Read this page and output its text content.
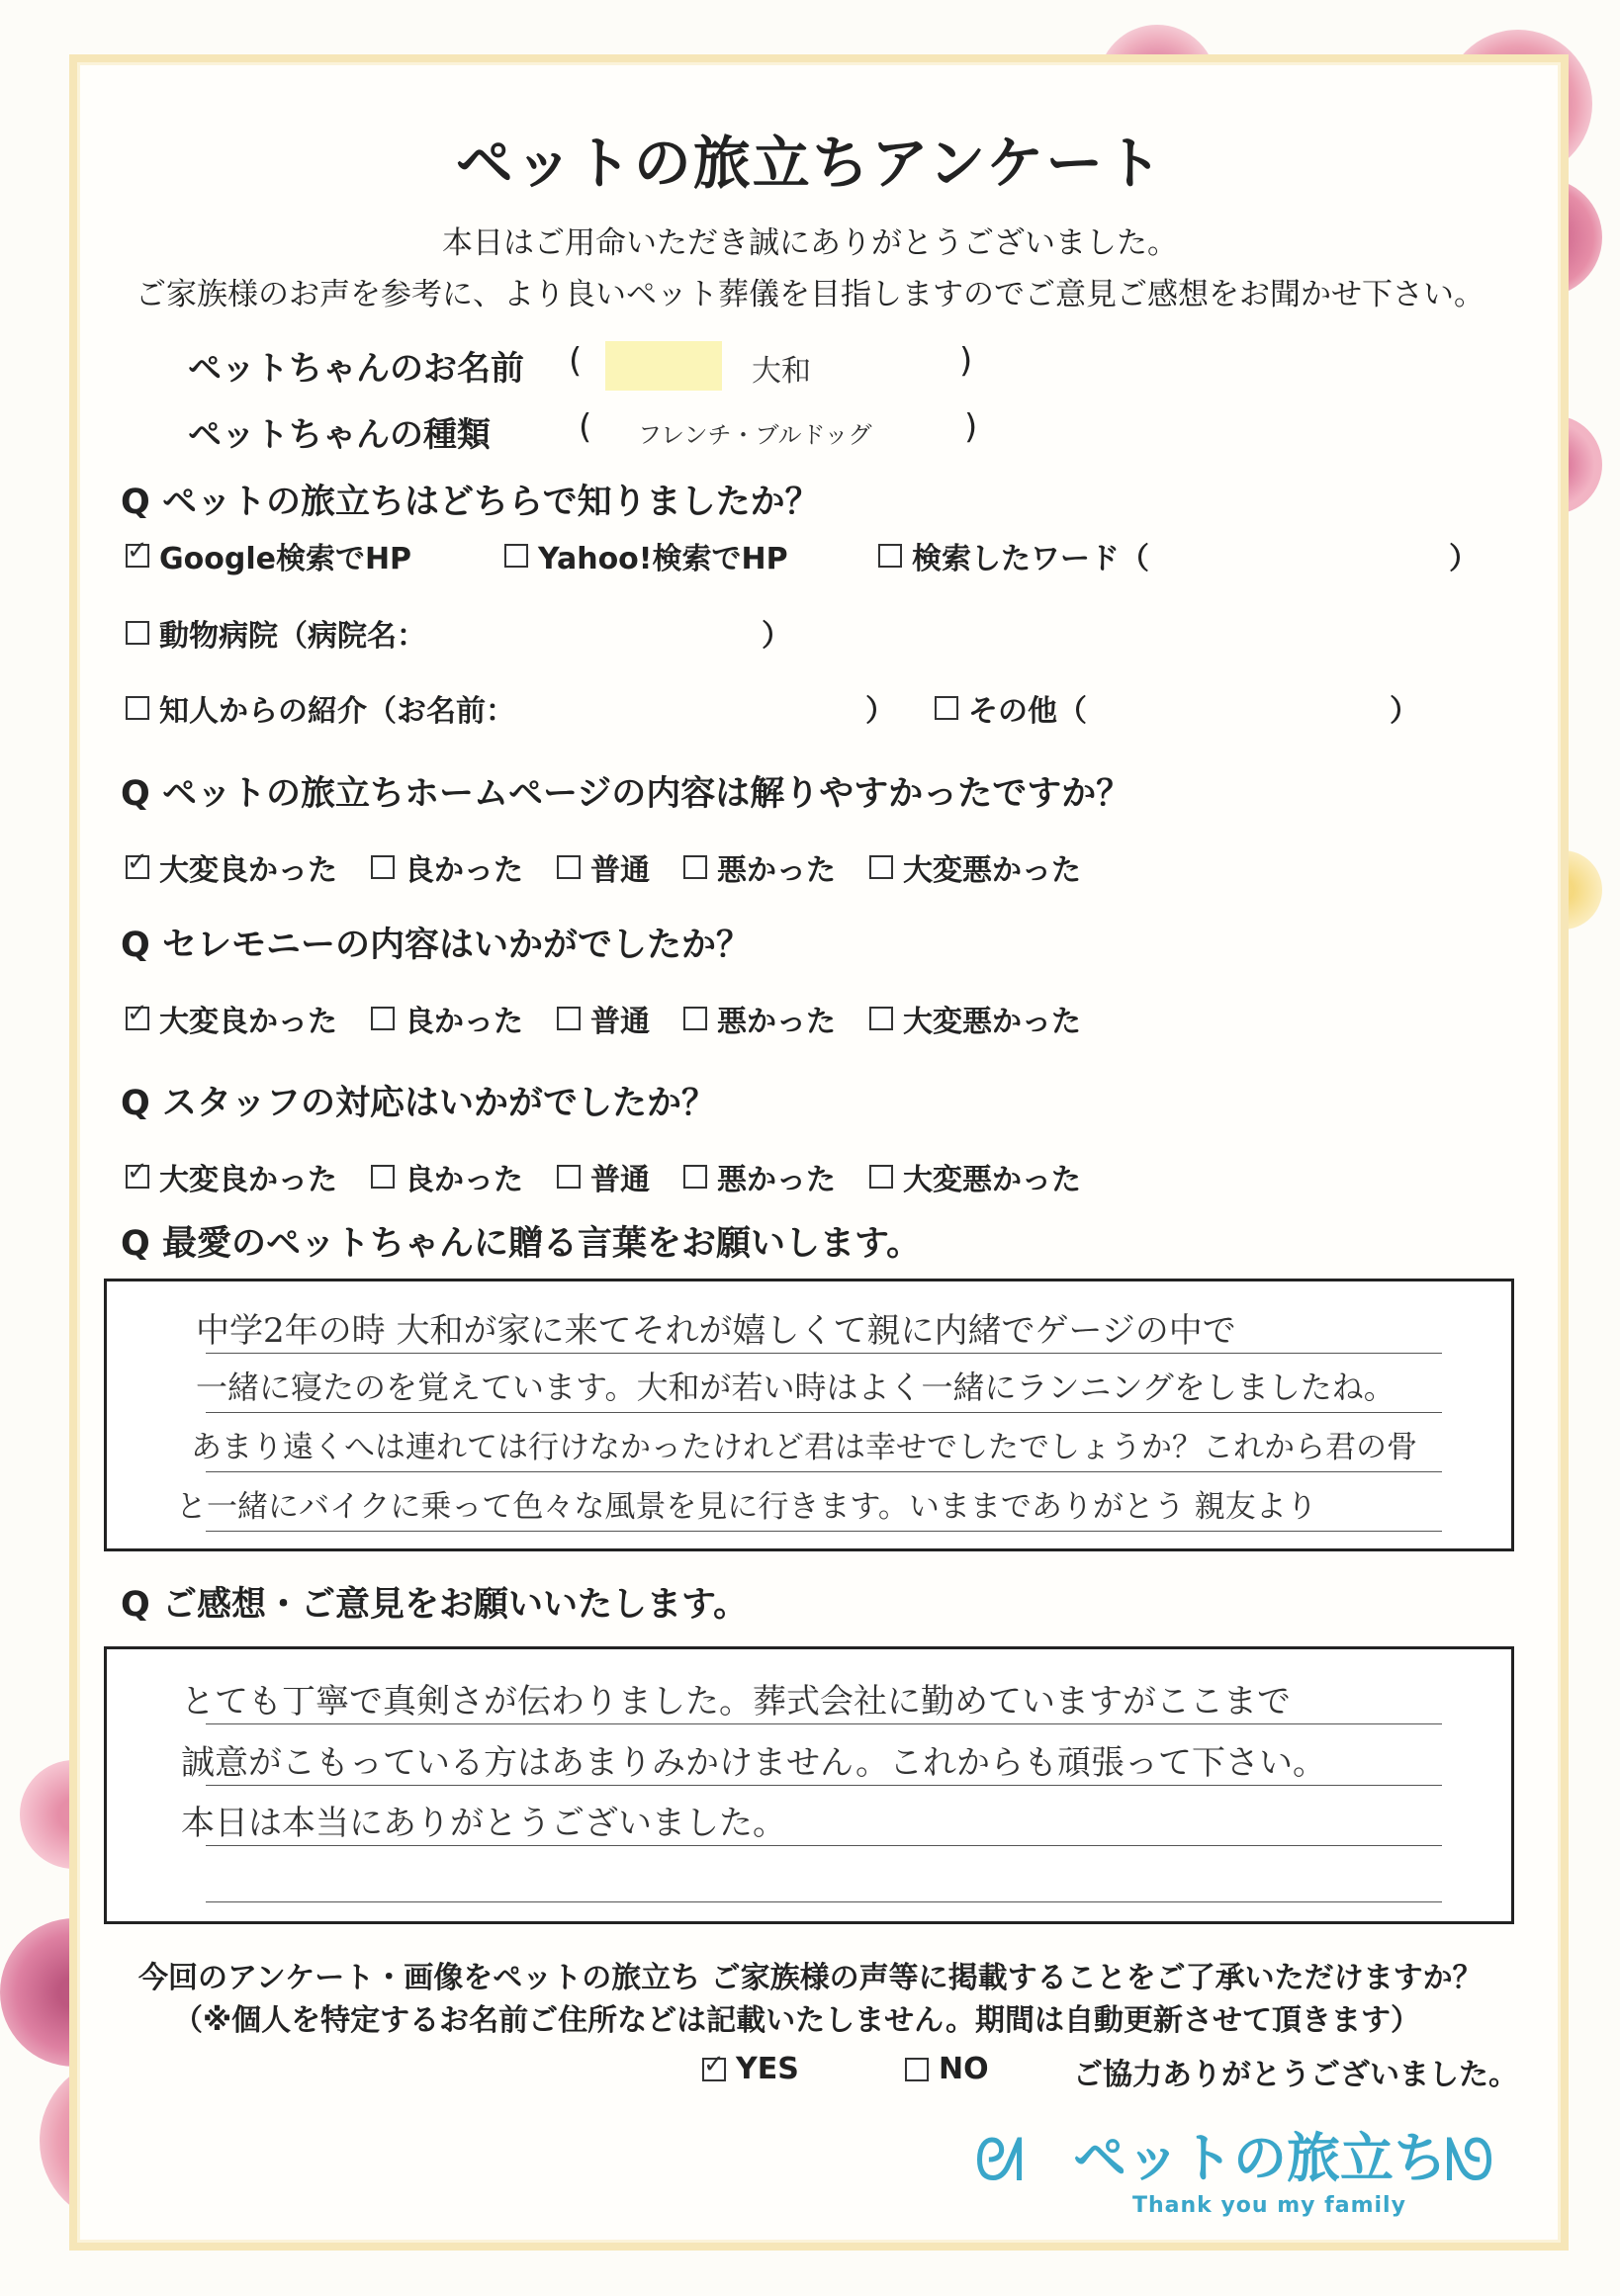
ペットの旅立ちアンケート
本日はご用命いただき誠にありがとうございました。
ご家族様のお声を参考に、より良いペット葬儀を目指しますのでご意見ご感想をお聞かせ下さい。
ペットちゃんのお名前 (	大和	)
ペットちゃんの種類	( フレンチ・ブルドッグ	)
Q ペットの旅立ちはどちらで知りましたか？
✓
Google検索でHP	Yahoo!検索でHP	検索したワード（	）
動物病院（病院名：	）
知人からの紹介（お名前：	） その他（	）
Q ペットの旅立ちホームページの内容は解りやすかったですか？
✓
大変良かった 良かった 普通 悪かった 大変悪かった
Q セレモニーの内容はいかがでしたか？
✓
大変良かった 良かった 普通 悪かった 大変悪かった
Q スタッフの対応はいかがでしたか？
✓
大変良かった 良かった 普通 悪かった 大変悪かった
Q 最愛のペットちゃんに贈る言葉をお願いします。
中学2年の時 大和が家に来てそれが嬉しくて親に内緒でゲージの中で
一緒に寝たのを覚えています。大和が若い時はよく一緒にランニングをしましたね。
あまり遠くへは連れては行けなかったけれど君は幸せでしたでしょうか？これから君の骨
と一緒にバイクに乗って色々な風景を見に行きます。いままでありがとう 親友より
Q ご感想・ご意見をお願いいたします。
とても丁寧で真剣さが伝わりました。葬式会社に勤めていますがここまで
誠意がこもっている方はあまりみかけません。これからも頑張って下さい。
本日は本当にありがとうございました。
今回のアンケート・画像をペットの旅立ち ご家族様の声等に掲載することをご了承いただけますか？
（※個人を特定するお名前ご住所などは記載いたしません。期間は自動更新させて頂きます）
✓
YES	NO	ご協力ありがとうございました。
ᘛ ペットの旅立ち
ᘚ
Thank you my family
